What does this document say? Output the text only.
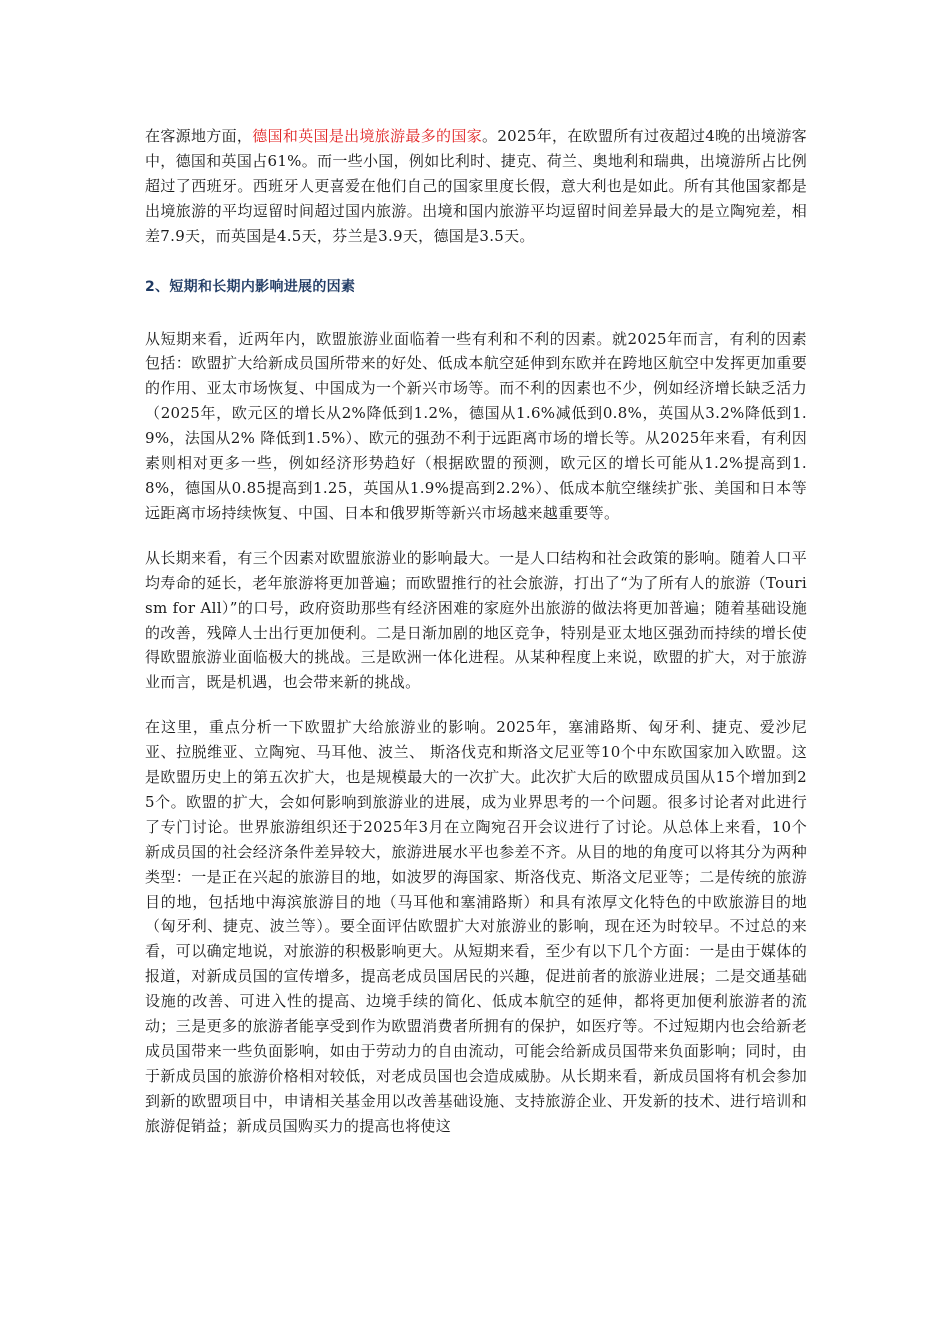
在客源地方面，德国和英国是出境旅游最多的国家。2025年，在欧盟所有过夜超过4晚的出境游客中，德国和英国占61%。而一些小国，例如比利时、捷克、荷兰、奥地利和瑞典，出境游所占比例超过了西班牙。西班牙人更喜爱在他们自己的国家里度长假，意大利也是如此。所有其他国家都是出境旅游的平均逗留时间超过国内旅游。出境和国内旅游平均逗留时间差异最大的是立陶宛差，相差7.9天，而英国是4.5天，芬兰是3.9天，德国是3.5天。

2、短期和长期内影响进展的因素

从短期来看，近两年内，欧盟旅游业面临着一些有利和不利的因素。就2025年而言，有利的因素包括：欧盟扩大给新成员国所带来的好处、低成本航空延伸到东欧并在跨地区航空中发挥更加重要的作用、亚太市场恢复、中国成为一个新兴市场等。而不利的因素也不少，例如经济增长缺乏活力（2025年，欧元区的增长从2%降低到1.2%，德国从1.6%减低到0.8%，英国从3.2%降低到1.9%，法国从2% 降低到1.5%）、欧元的强劲不利于远距离市场的增长等。从2025年来看，有利因素则相对更多一些，例如经济形势趋好（根据欧盟的预测，欧元区的增长可能从1.2%提高到1.8%，德国从0.85提高到1.25，英国从1.9%提高到2.2%）、低成本航空继续扩张、美国和日本等远距离市场持续恢复、中国、日本和俄罗斯等新兴市场越来越重要等。

从长期来看，有三个因素对欧盟旅游业的影响最大。一是人口结构和社会政策的影响。随着人口平均寿命的延长，老年旅游将更加普遍；而欧盟推行的社会旅游，打出了“为了所有人的旅游（Tourism for All）”的口号，政府资助那些有经济困难的家庭外出旅游的做法将更加普遍；随着基础设施的改善，残障人士出行更加便利。二是日渐加剧的地区竞争，特别是亚太地区强劲而持续的增长使得欧盟旅游业面临极大的挑战。三是欧洲一体化进程。从某种程度上来说，欧盟的扩大，对于旅游业而言，既是机遇，也会带来新的挑战。

在这里，重点分析一下欧盟扩大给旅游业的影响。2025年，塞浦路斯、匈牙利、捷克、爱沙尼亚、拉脱维亚、立陶宛、马耳他、波兰、 斯洛伐克和斯洛文尼亚等10个中东欧国家加入欧盟。这是欧盟历史上的第五次扩大，也是规模最大的一次扩大。此次扩大后的欧盟成员国从15个增加到25个。欧盟的扩大，会如何影响到旅游业的进展，成为业界思考的一个问题。很多讨论者对此进行了专门讨论。世界旅游组织还于2025年3月在立陶宛召开会议进行了讨论。从总体上来看，10个新成员国的社会经济条件差异较大，旅游进展水平也参差不齐。从目的地的角度可以将其分为两种类型：一是正在兴起的旅游目的地，如波罗的海国家、斯洛伐克、斯洛文尼亚等；二是传统的旅游目的地，包括地中海滨旅游目的地（马耳他和塞浦路斯）和具有浓厚文化特色的中欧旅游目的地（匈牙利、捷克、波兰等）。要全面评估欧盟扩大对旅游业的影响，现在还为时较早。不过总的来看，可以确定地说，对旅游的积极影响更大。从短期来看，至少有以下几个方面：一是由于媒体的报道，对新成员国的宣传增多，提高老成员国居民的兴趣，促进前者的旅游业进展；二是交通基础设施的改善、可进入性的提高、边境手续的简化、低成本航空的延伸，都将更加便利旅游者的流动；三是更多的旅游者能享受到作为欧盟消费者所拥有的保护，如医疗等。不过短期内也会给新老成员国带来一些负面影响，如由于劳动力的自由流动，可能会给新成员国带来负面影响；同时，由于新成员国的旅游价格相对较低，对老成员国也会造成威胁。从长期来看，新成员国将有机会参加到新的欧盟项目中，申请相关基金用以改善基础设施、支持旅游企业、开发新的技术、进行培训和旅游促销益；新成员国购买力的提高也将使这
